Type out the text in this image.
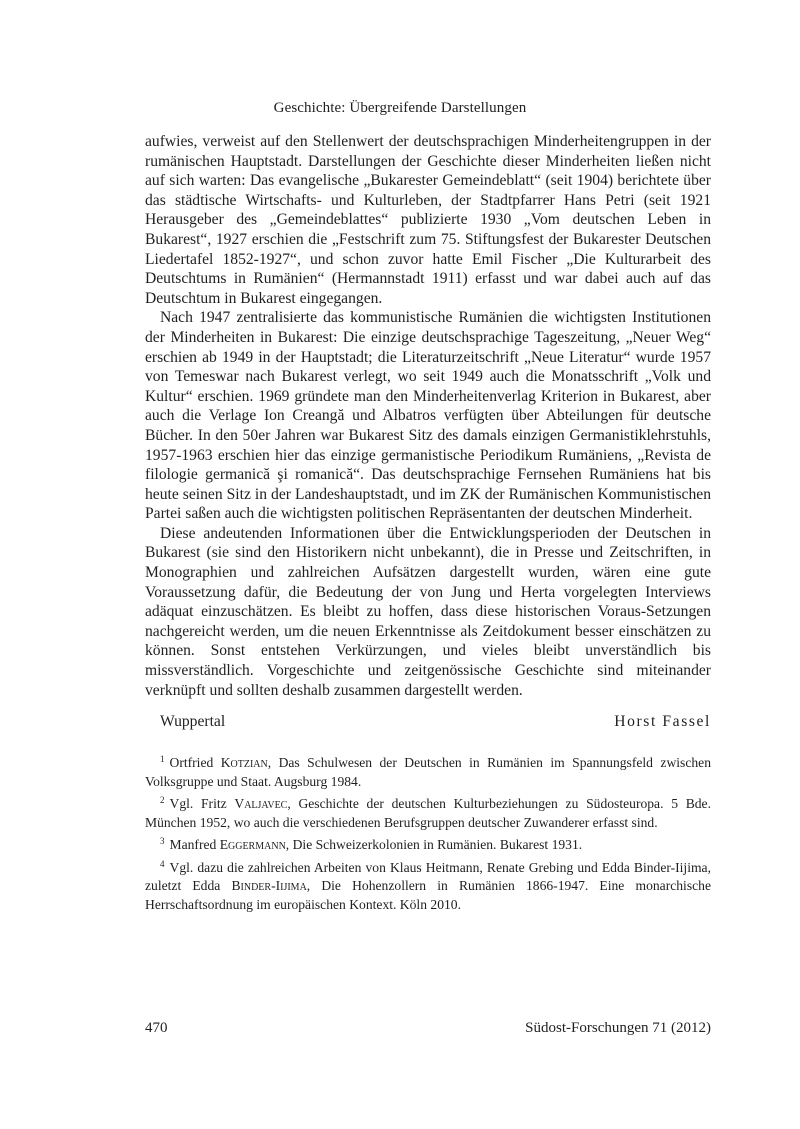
Geschichte: Übergreifende Darstellungen

aufwies, verweist auf den Stellenwert der deutschsprachigen Minderheitengruppen in der rumänischen Hauptstadt. Darstellungen der Geschichte dieser Minderheiten ließen nicht auf sich warten: Das evangelische „Bukarester Gemeindeblatt“ (seit 1904) berichtete über das städtische Wirtschafts- und Kulturleben, der Stadtpfarrer Hans Petri (seit 1921 Herausgeber des „Gemeindeblattes“ publizierte 1930 „Vom deutschen Leben in Bukarest“, 1927 erschien die „Festschrift zum 75. Stiftungsfest der Bukarester Deutschen Liedertafel 1852-1927“, und schon zuvor hatte Emil Fischer „Die Kulturarbeit des Deutschtums in Rumänien“ (Hermannstadt 1911) erfasst und war dabei auch auf das Deutschtum in Bukarest eingegangen.

Nach 1947 zentralisierte das kommunistische Rumänien die wichtigsten Institutionen der Minderheiten in Bukarest: Die einzige deutschsprachige Tageszeitung, „Neuer Weg“ erschien ab 1949 in der Hauptstadt; die Literaturzeitschrift „Neue Literatur“ wurde 1957 von Temeswar nach Bukarest verlegt, wo seit 1949 auch die Monatsschrift „Volk und Kultur“ erschien. 1969 gründete man den Minderheitenverlag Kriterion in Bukarest, aber auch die Verlage Ion Creangă und Albatros verfügten über Abteilungen für deutsche Bücher. In den 50er Jahren war Bukarest Sitz des damals einzigen Germanistiklehrstuhls, 1957-1963 erschien hier das einzige germanistische Periodikum Rumäniens, „Revista de filologie germanică şi romanică“. Das deutschsprachige Fernsehen Rumäniens hat bis heute seinen Sitz in der Landeshauptstadt, und im ZK der Rumänischen Kommunistischen Partei saßen auch die wichtigsten politischen Repräsentanten der deutschen Minderheit.

Diese andeutenden Informationen über die Entwicklungsperioden der Deutschen in Bukarest (sie sind den Historikern nicht unbekannt), die in Presse und Zeitschriften, in Monographien und zahlreichen Aufsätzen dargestellt wurden, wären eine gute Voraussetzung dafür, die Bedeutung der von Jung und Herta vorgelegten Interviews adäquat einzuschätzen. Es bleibt zu hoffen, dass diese historischen Voraus-Setzungen nachgereicht werden, um die neuen Erkenntnisse als Zeitdokument besser einschätzen zu können. Sonst entstehen Verkürzungen, und vieles bleibt unverständlich bis missverständlich. Vorgeschichte und zeitgenössische Geschichte sind miteinander verknüpft und sollten deshalb zusammen dargestellt werden.

Wuppertal	Horst Fassel

$^1$ Ortfried Kotzian, Das Schulwesen der Deutschen in Rumänien im Spannungsfeld zwischen Volksgruppe und Staat. Augsburg 1984.

$^2$ Vgl. Fritz Valjavec, Geschichte der deutschen Kulturbeziehungen zu Südosteuropa. 5 Bde. München 1952, wo auch die verschiedenen Berufsgruppen deutscher Zuwanderer erfasst sind.

$^3$ Manfred Eggermann, Die Schweizerkolonien in Rumänien. Bukarest 1931.

$^4$ Vgl. dazu die zahlreichen Arbeiten von Klaus Heitmann, Renate Grebing und Edda Binder-Iijima, zuletzt Edda Binder-Iijima, Die Hohenzollern in Rumänien 1866-1947. Eine monarchische Herrschaftsordnung im europäischen Kontext. Köln 2010.

470	Südost-Forschungen 71 (2012)
